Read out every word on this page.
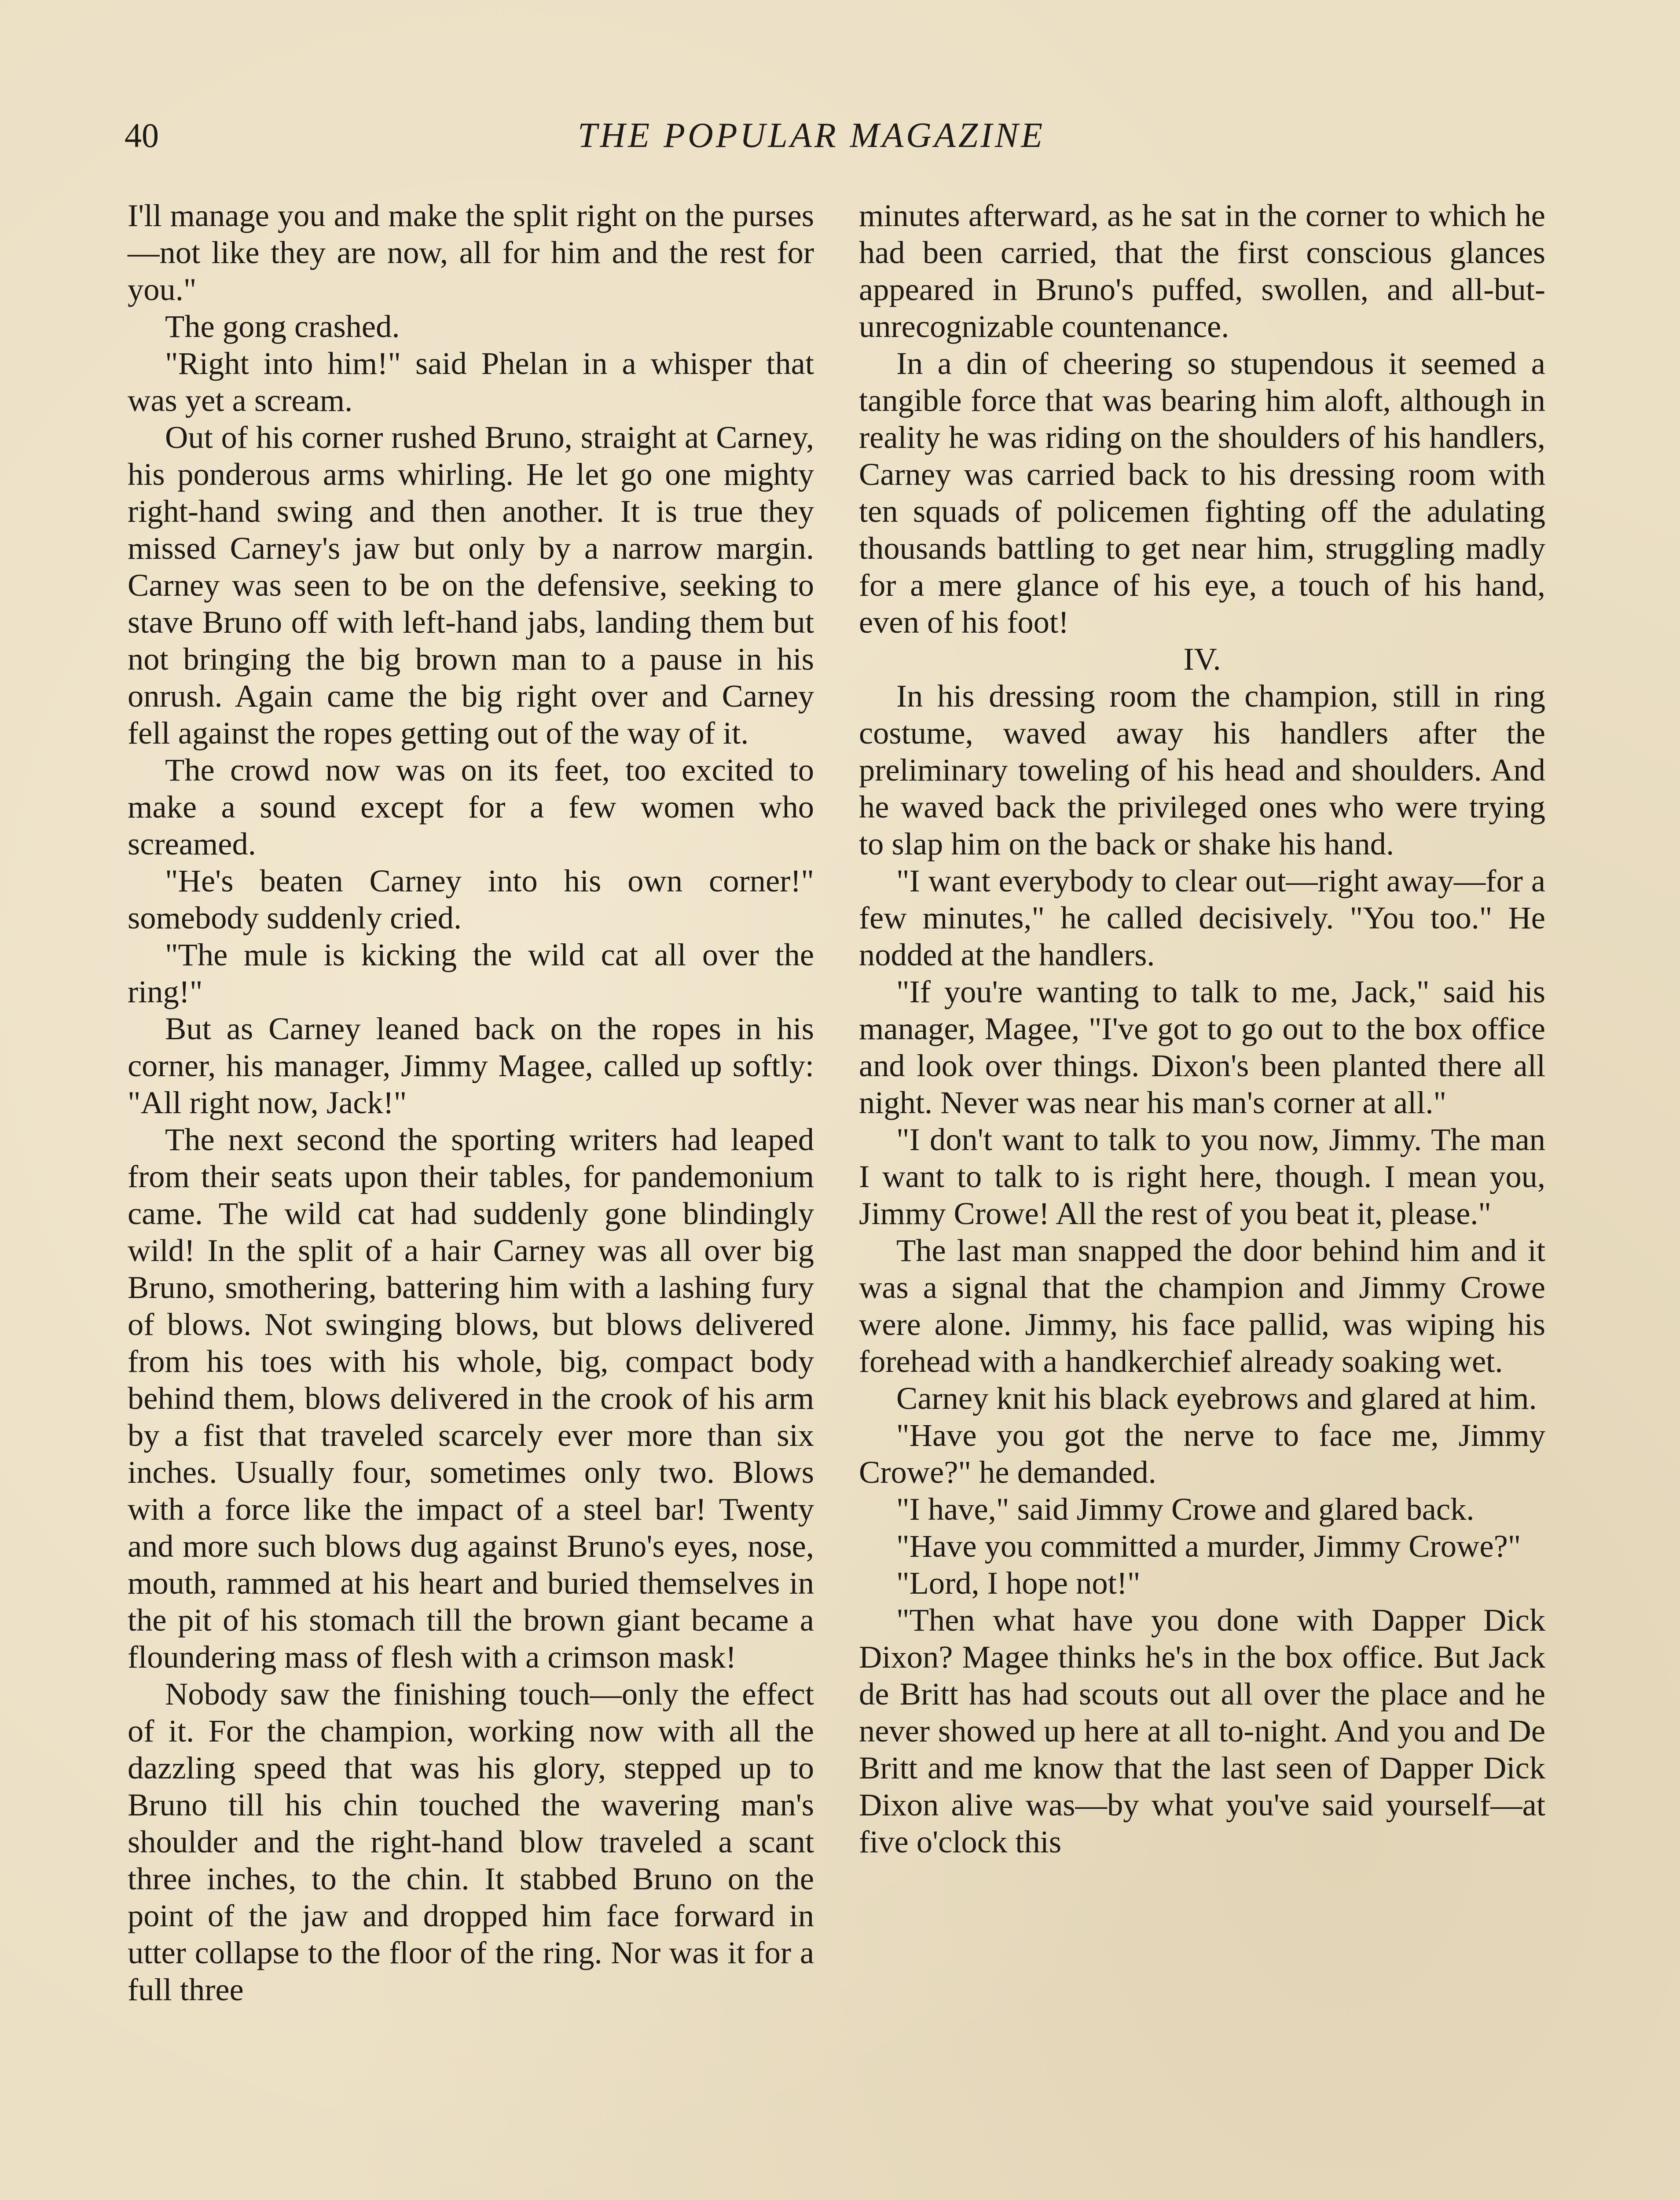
40	THE POPULAR MAGAZINE

I'll manage you and make the split right on the purses—not like they are now, all for him and the rest for you."

The gong crashed.

"Right into him!" said Phelan in a whisper that was yet a scream.

Out of his corner rushed Bruno, straight at Carney, his ponderous arms whirling. He let go one mighty right-hand swing and then another. It is true they missed Carney's jaw but only by a narrow margin. Carney was seen to be on the defensive, seeking to stave Bruno off with left-hand jabs, landing them but not bringing the big brown man to a pause in his onrush. Again came the big right over and Carney fell against the ropes getting out of the way of it.

The crowd now was on its feet, too excited to make a sound except for a few women who screamed.

"He's beaten Carney into his own corner!" somebody suddenly cried.

"The mule is kicking the wild cat all over the ring!"

But as Carney leaned back on the ropes in his corner, his manager, Jimmy Magee, called up softly: "All right now, Jack!"

The next second the sporting writers had leaped from their seats upon their tables, for pandemonium came. The wild cat had suddenly gone blindingly wild! In the split of a hair Carney was all over big Bruno, smothering, battering him with a lashing fury of blows. Not swinging blows, but blows delivered from his toes with his whole, big, compact body behind them, blows delivered in the crook of his arm by a fist that traveled scarcely ever more than six inches. Usually four, sometimes only two. Blows with a force like the impact of a steel bar! Twenty and more such blows dug against Bruno's eyes, nose, mouth, rammed at his heart and buried themselves in the pit of his stomach till the brown giant became a floundering mass of flesh with a crimson mask!

Nobody saw the finishing touch—only the effect of it. For the champion, working now with all the dazzling speed that was his glory, stepped up to Bruno till his chin touched the wavering man's shoulder and the right-hand blow traveled a scant three inches, to the chin. It stabbed Bruno on the point of the jaw and dropped him face forward in utter collapse to the floor of the ring. Nor was it for a full three

minutes afterward, as he sat in the corner to which he had been carried, that the first conscious glances appeared in Bruno's puffed, swollen, and all-but-unrecognizable countenance.

In a din of cheering so stupendous it seemed a tangible force that was bearing him aloft, although in reality he was riding on the shoulders of his handlers, Carney was carried back to his dressing room with ten squads of policemen fighting off the adulating thousands battling to get near him, struggling madly for a mere glance of his eye, a touch of his hand, even of his foot!

IV.

In his dressing room the champion, still in ring costume, waved away his handlers after the preliminary toweling of his head and shoulders. And he waved back the privileged ones who were trying to slap him on the back or shake his hand.

"I want everybody to clear out—right away—for a few minutes," he called decisively. "You too." He nodded at the handlers.

"If you're wanting to talk to me, Jack," said his manager, Magee, "I've got to go out to the box office and look over things. Dixon's been planted there all night. Never was near his man's corner at all."

"I don't want to talk to you now, Jimmy. The man I want to talk to is right here, though. I mean you, Jimmy Crowe! All the rest of you beat it, please."

The last man snapped the door behind him and it was a signal that the champion and Jimmy Crowe were alone. Jimmy, his face pallid, was wiping his forehead with a handkerchief already soaking wet.

Carney knit his black eyebrows and glared at him.

"Have you got the nerve to face me, Jimmy Crowe?" he demanded.

"I have," said Jimmy Crowe and glared back.

"Have you committed a murder, Jimmy Crowe?"

"Lord, I hope not!"

"Then what have you done with Dapper Dick Dixon? Magee thinks he's in the box office. But Jack de Britt has had scouts out all over the place and he never showed up here at all to-night. And you and De Britt and me know that the last seen of Dapper Dick Dixon alive was—by what you've said yourself—at five o'clock this
